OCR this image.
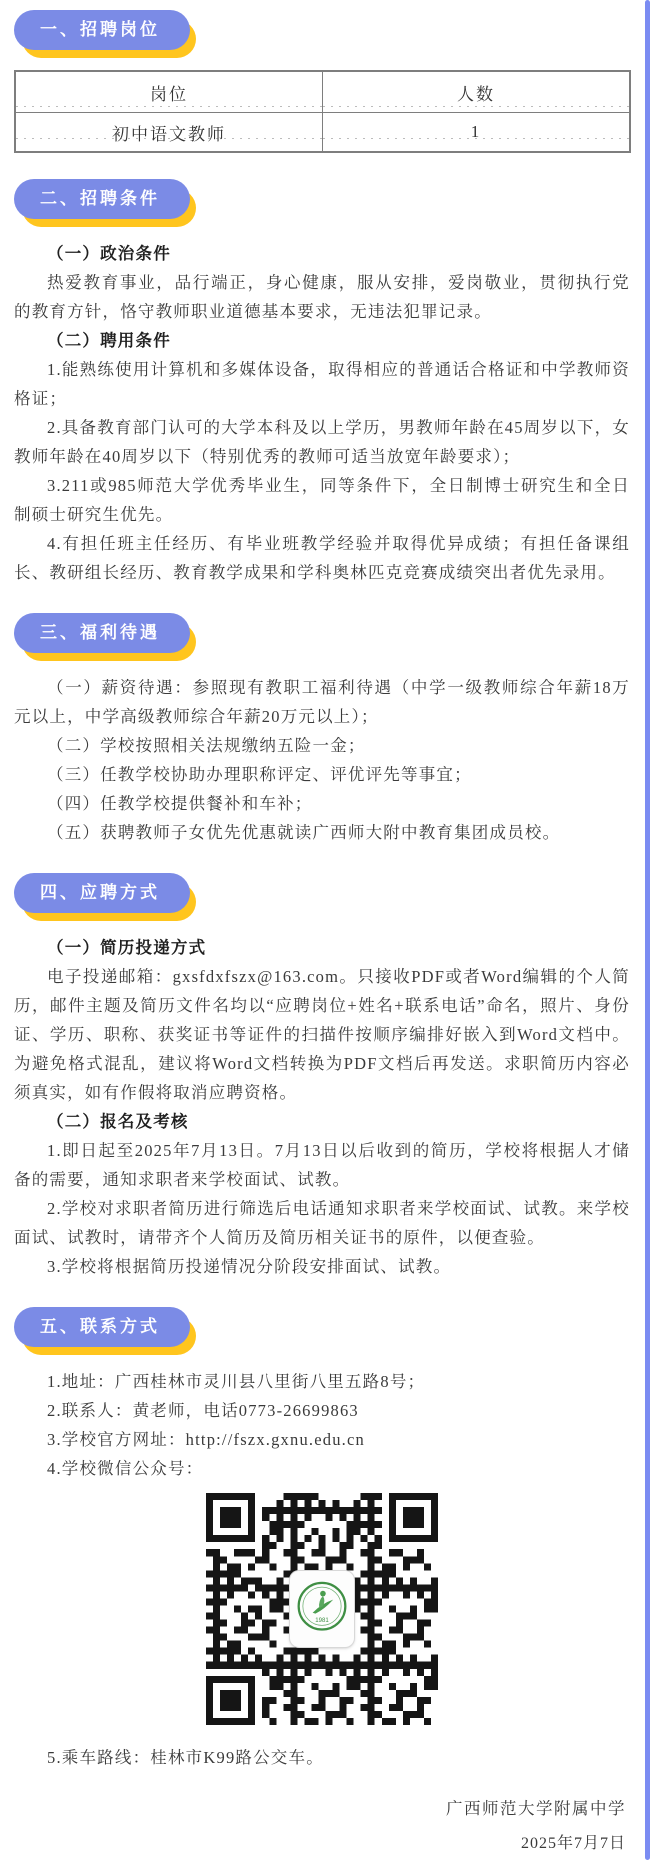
一、招聘岗位
岗位	人数
初中语文教师	1
二、招聘条件

（一）政治条件

热爱教育事业，品行端正，身心健康，服从安排，爱岗敬业，贯彻执行党的教育方针，恪守教师职业道德基本要求，无违法犯罪记录。

（二）聘用条件

1.能熟练使用计算机和多媒体设备，取得相应的普通话合格证和中学教师资格证；

2.具备教育部门认可的大学本科及以上学历，男教师年龄在45周岁以下，女教师年龄在40周岁以下（特别优秀的教师可适当放宽年龄要求）；

3.211或985师范大学优秀毕业生，同等条件下，全日制博士研究生和全日制硕士研究生优先。

4.有担任班主任经历、有毕业班教学经验并取得优异成绩；有担任备课组长、教研组长经历、教育教学成果和学科奥林匹克竞赛成绩突出者优先录用。

三、福利待遇

（一）薪资待遇：参照现有教职工福利待遇（中学一级教师综合年薪18万元以上，中学高级教师综合年薪20万元以上）；

（二）学校按照相关法规缴纳五险一金；

（三）任教学校协助办理职称评定、评优评先等事宜；

（四）任教学校提供餐补和车补；

（五）获聘教师子女优先优惠就读广西师大附中教育集团成员校。

四、应聘方式

（一）简历投递方式

电子投递邮箱：gxsfdxfszx@163.com。只接收PDF或者Word编辑的个人简历，邮件主题及简历文件名均以“应聘岗位+姓名+联系电话”命名，照片、身份证、学历、职称、获奖证书等证件的扫描件按顺序编排好嵌入到Word文档中。为避免格式混乱，建议将Word文档转换为PDF文档后再发送。求职简历内容必须真实，如有作假将取消应聘资格。

（二）报名及考核

1.即日起至2025年7月13日。7月13日以后收到的简历，学校将根据人才储备的需要，通知求职者来学校面试、试教。

2.学校对求职者简历进行筛选后电话通知求职者来学校面试、试教。来学校面试、试教时，请带齐个人简历及简历相关证书的原件，以便查验。

3.学校将根据简历投递情况分阶段安排面试、试教。

五、联系方式

1.地址：广西桂林市灵川县八里街八里五路8号；

2.联系人：黄老师，电话0773-26699863

3.学校官方网址：http://fszx.gxnu.edu.cn

4.学校微信公众号：

1981

5.乘车路线：桂林市K99路公交车。

广西师范大学附属中学
2025年7月7日
